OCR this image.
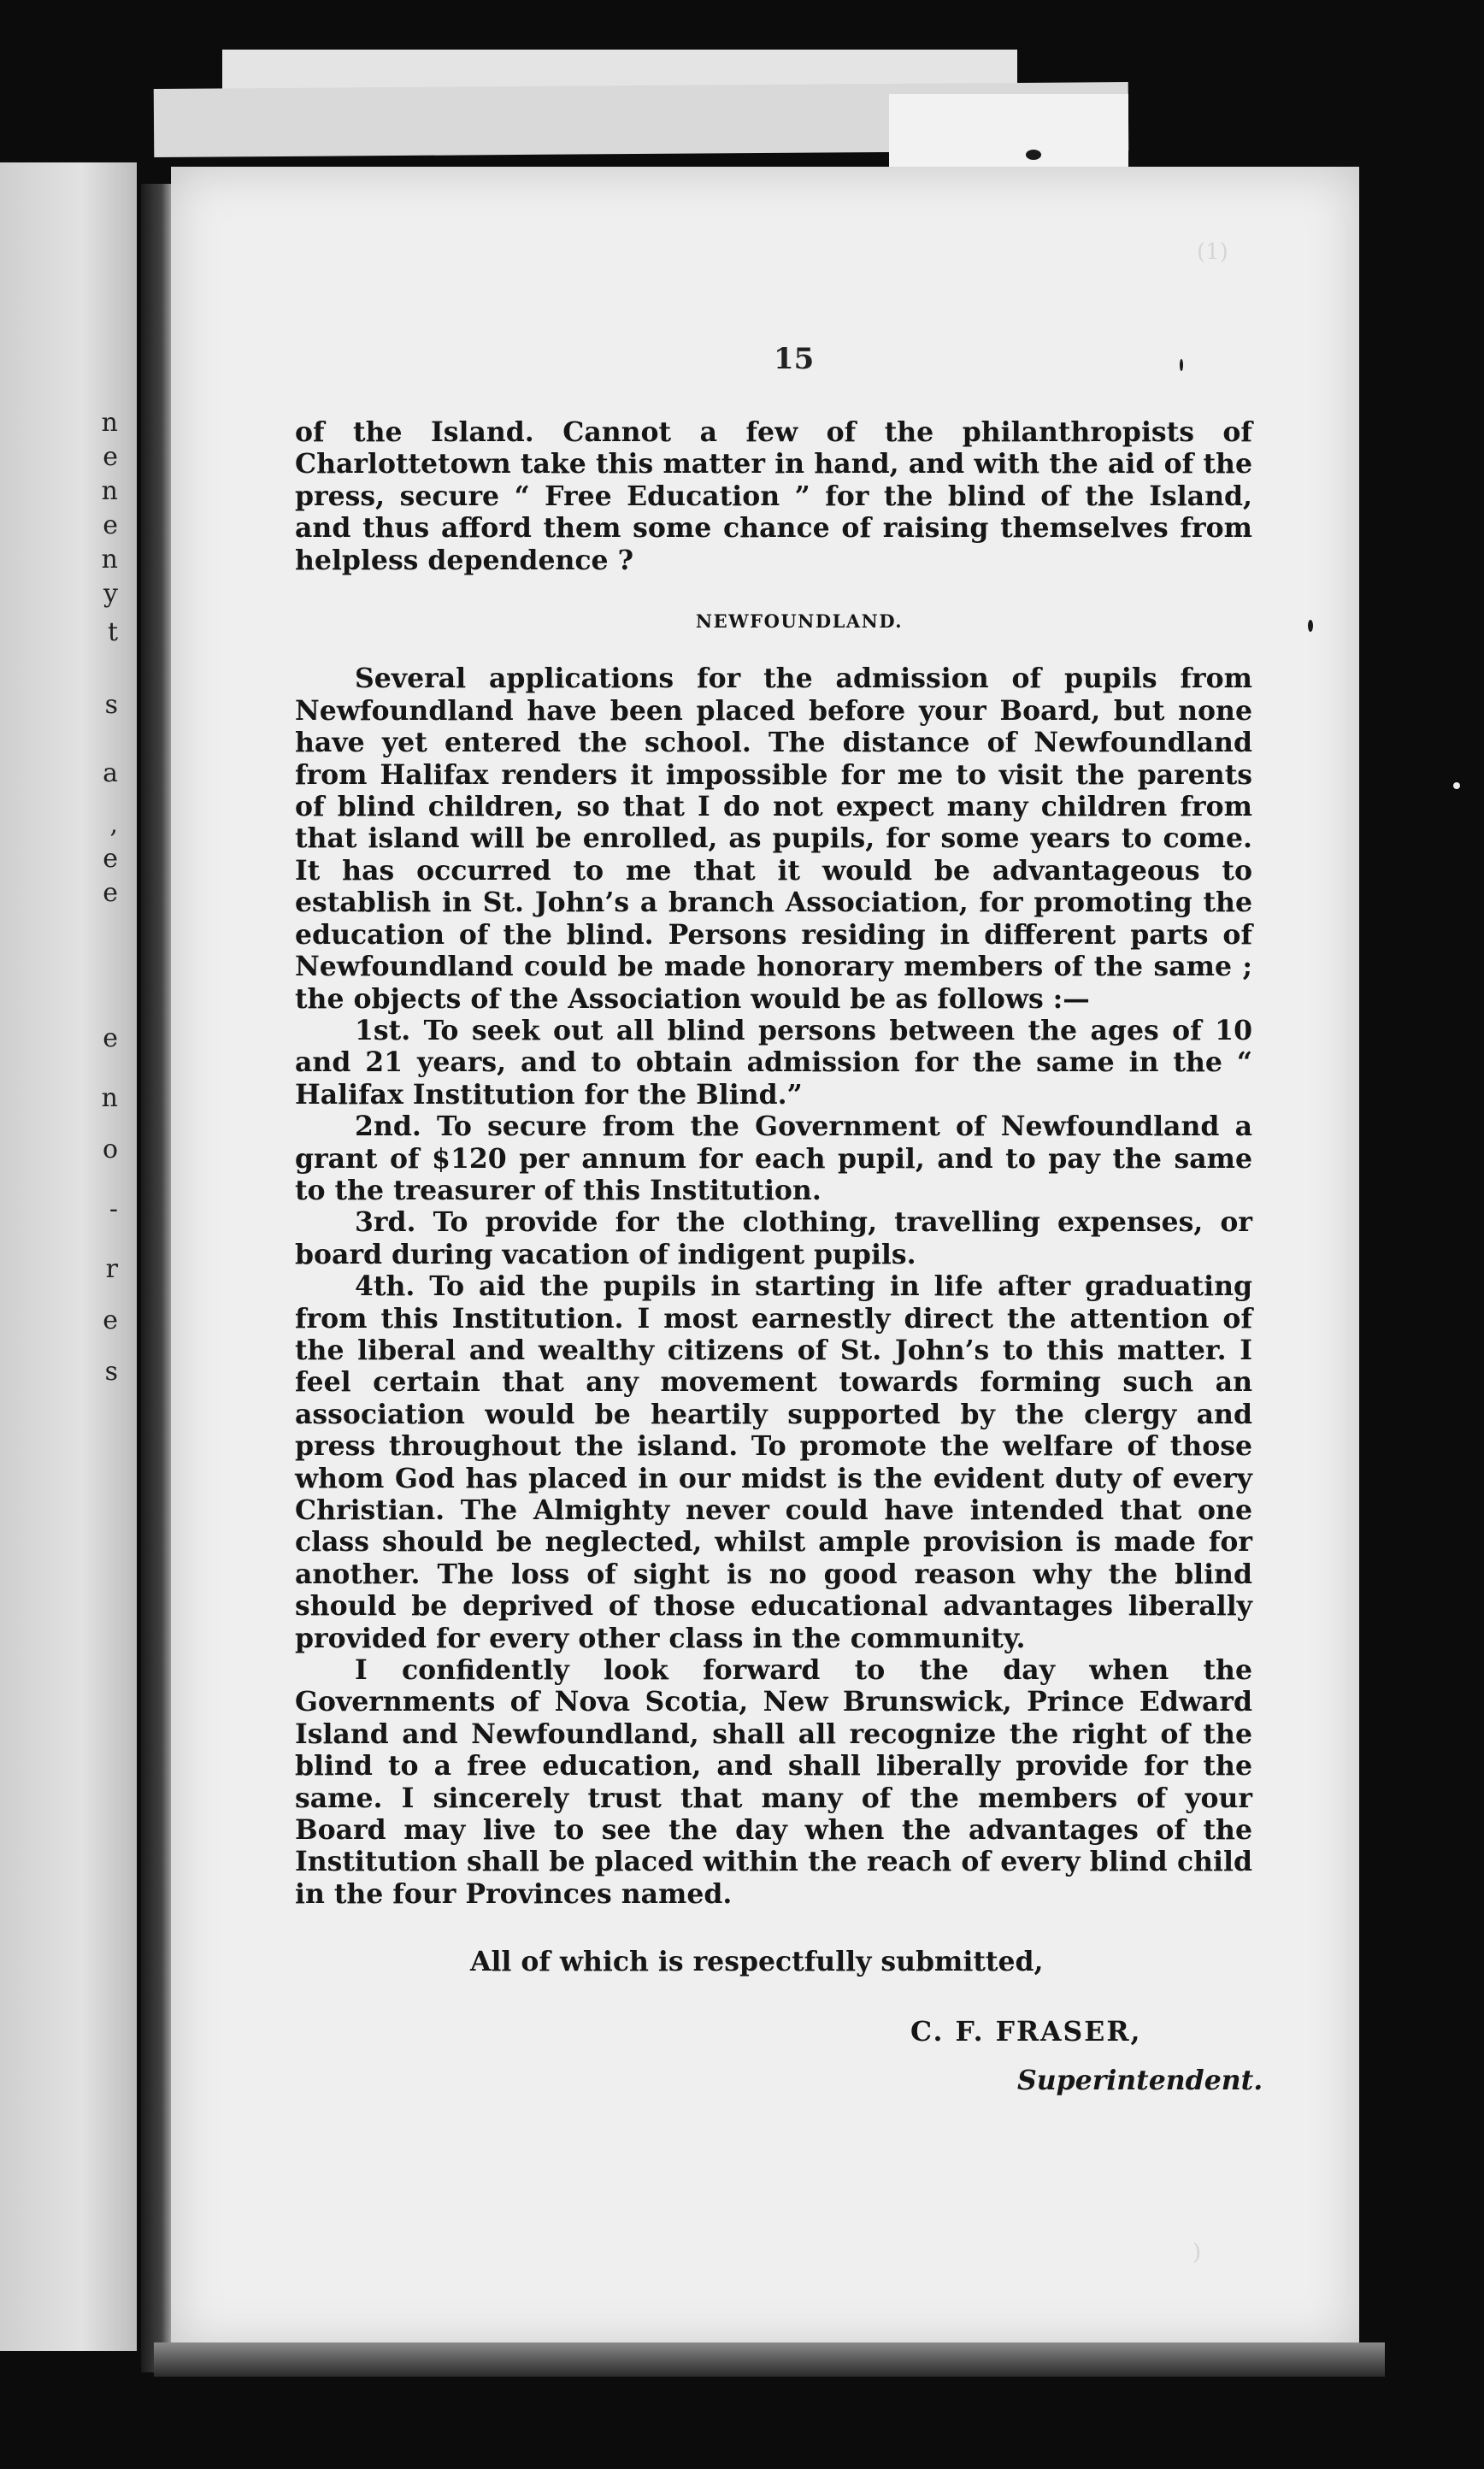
n
e
n
e
n
y
t
s
a
,
e
e
e
n
o
-
r
e
s
(1)
)
15

of the Island. Cannot a few of the philanthropists of Charlottetown take this matter in hand, and with the aid of the press, secure “ Free Education ” for the blind of the Island, and thus afford them some chance of raising themselves from helpless dependence ?

NEWFOUNDLAND.

Several applications for the admission of pupils from Newfoundland have been placed before your Board, but none have yet entered the school. The distance of Newfoundland from Halifax renders it impossible for me to visit the parents of blind children, so that I do not expect many children from that island will be enrolled, as pupils, for some years to come. It has occurred to me that it would be advantageous to establish in St. John’s a branch Association, for promoting the education of the blind. Persons residing in different parts of Newfoundland could be made honorary members of the same ; the objects of the Association would be as follows :—

1st. To seek out all blind persons between the ages of 10 and 21 years, and to obtain admission for the same in the “ Halifax Institution for the Blind.”

2nd. To secure from the Government of Newfoundland a grant of $120 per annum for each pupil, and to pay the same to the treasurer of this Institution.

3rd. To provide for the clothing, travelling expenses, or board during vacation of indigent pupils.

4th. To aid the pupils in starting in life after graduating from this Institution. I most earnestly direct the attention of the liberal and wealthy citizens of St. John’s to this matter. I feel certain that any movement towards forming such an association would be heartily supported by the clergy and press throughout the island. To promote the welfare of those whom God has placed in our midst is the evident duty of every Christian. The Almighty never could have intended that one class should be neglected, whilst ample provision is made for another. The loss of sight is no good reason why the blind should be deprived of those educational advantages liberally provided for every other class in the community.

I confidently look forward to the day when the Governments of Nova Scotia, New Brunswick, Prince Edward Island and Newfoundland, shall all recognize the right of the blind to a free education, and shall liberally provide for the same. I sincerely trust that many of the members of your Board may live to see the day when the advantages of the Institution shall be placed within the reach of every blind child in the four Provinces named.

All of which is respectfully submitted,
C. F. FRASER,
Superintendent.
